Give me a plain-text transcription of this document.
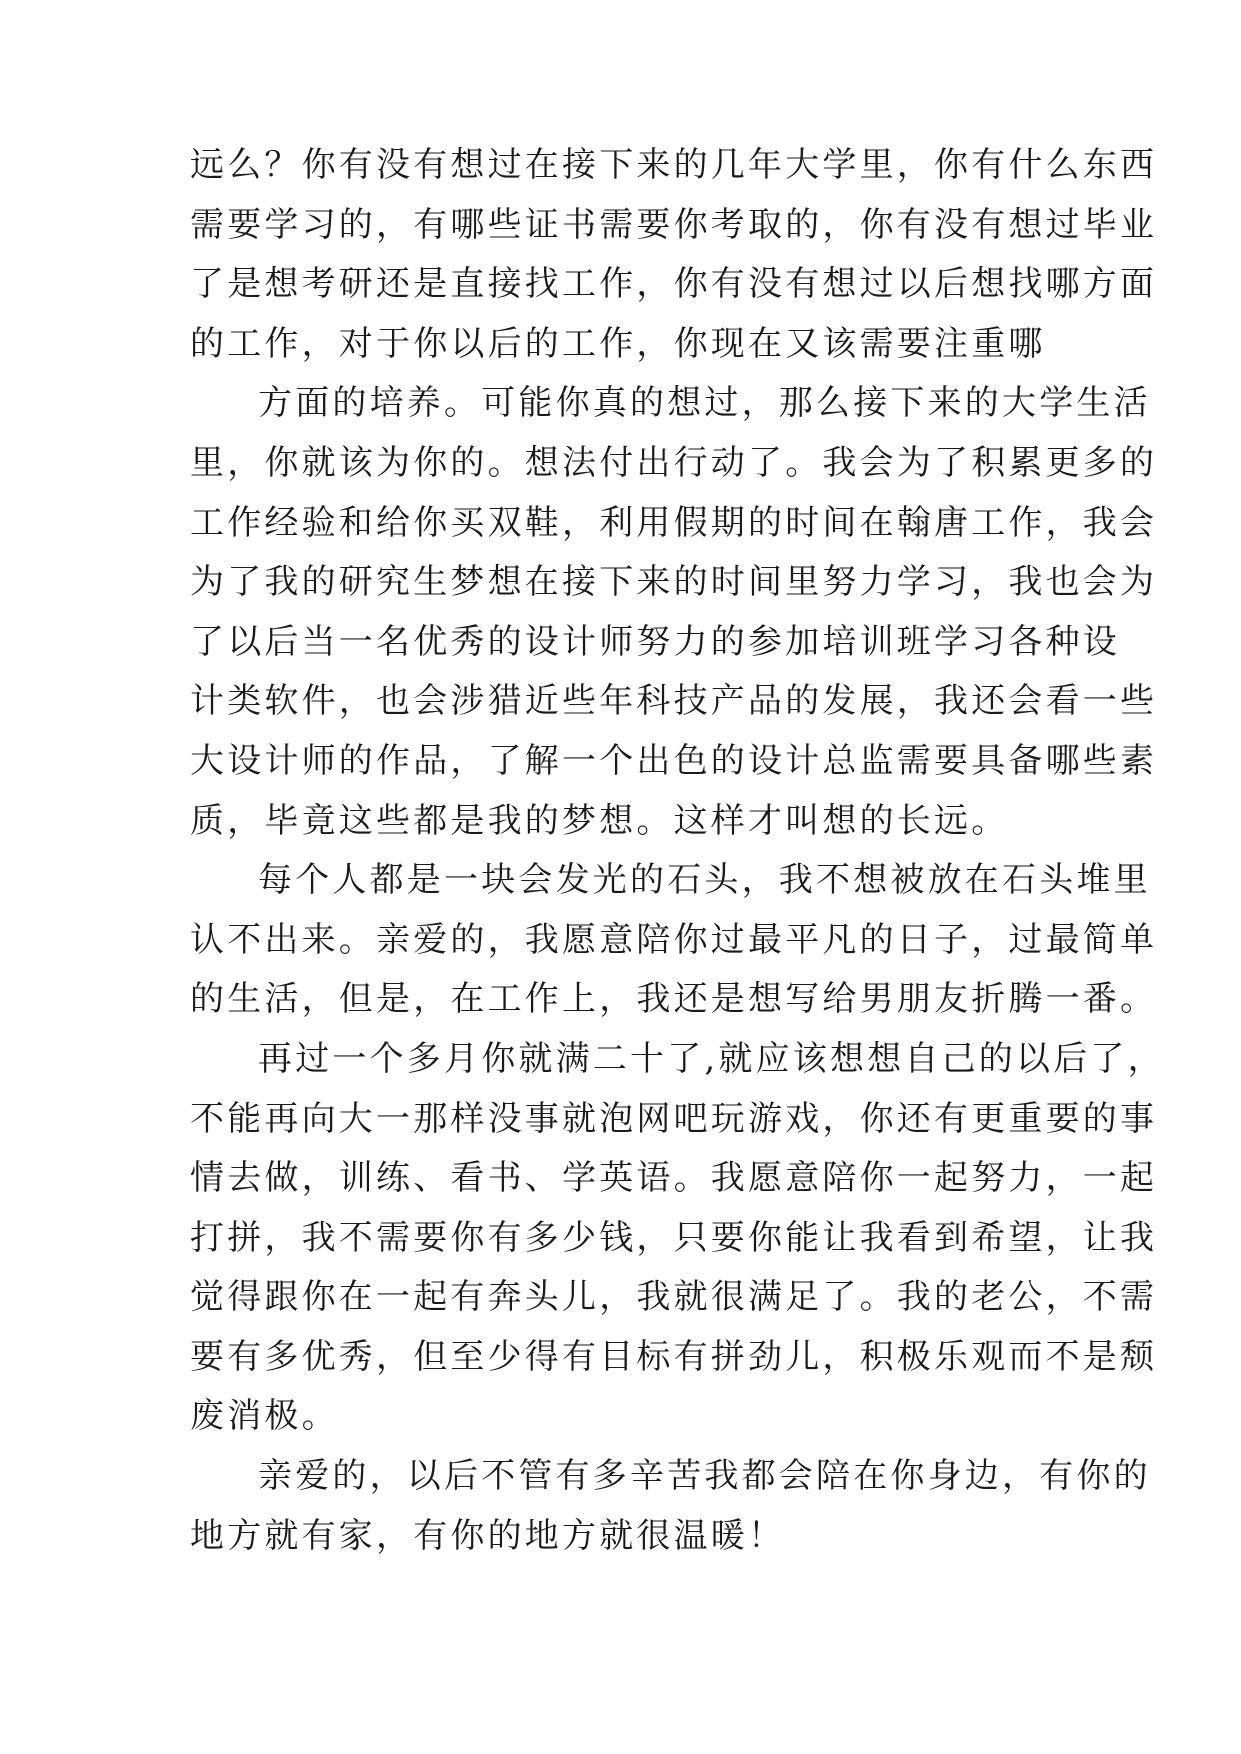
远么？你有没有想过在接下来的几年大学里，你有什么东西
需要学习的，有哪些证书需要你考取的，你有没有想过毕业
了是想考研还是直接找工作，你有没有想过以后想找哪方面
的工作，对于你以后的工作，你现在又该需要注重哪
方面的培养。可能你真的想过，那么接下来的大学生活
里，你就该为你的。想法付出行动了。我会为了积累更多的
工作经验和给你买双鞋，利用假期的时间在翰唐工作，我会
为了我的研究生梦想在接下来的时间里努力学习，我也会为
了以后当一名优秀的设计师努力的参加培训班学习各种设
计类软件，也会涉猎近些年科技产品的发展，我还会看一些
大设计师的作品，了解一个出色的设计总监需要具备哪些素
质，毕竟这些都是我的梦想。这样才叫想的长远。
每个人都是一块会发光的石头，我不想被放在石头堆里
认不出来。亲爱的，我愿意陪你过最平凡的日子，过最简单
的生活，但是，在工作上，我还是想写给男朋友折腾一番。
再过一个多月你就满二十了,就应该想想自己的以后了，
不能再向大一那样没事就泡网吧玩游戏，你还有更重要的事
情去做，训练、看书、学英语。我愿意陪你一起努力，一起
打拼，我不需要你有多少钱，只要你能让我看到希望，让我
觉得跟你在一起有奔头儿，我就很满足了。我的老公，不需
要有多优秀，但至少得有目标有拼劲儿，积极乐观而不是颓
废消极。
亲爱的，以后不管有多辛苦我都会陪在你身边，有你的
地方就有家，有你的地方就很温暖！
